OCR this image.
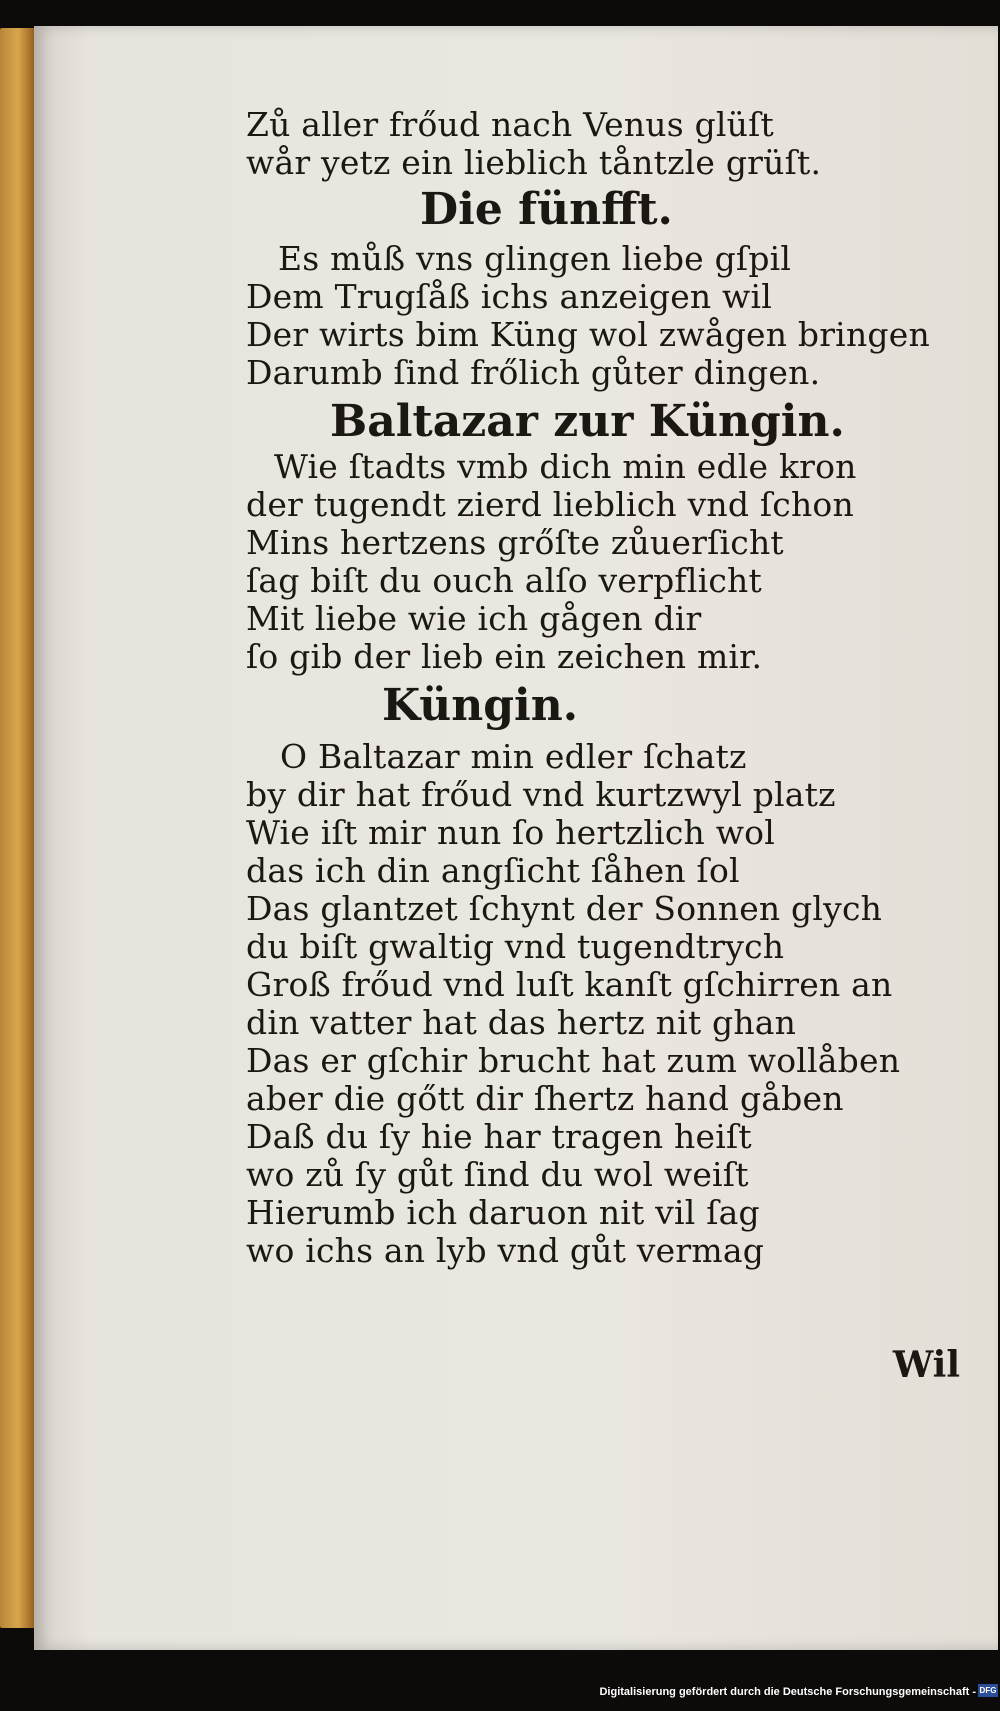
Zů aller frőud nach Venus glüſt
wår yetz ein lieblich tåntzle grüſt.
Die fünfft.
Es můß vns glingen liebe gſpil
Dem Trugſåß ichs anzeigen wil
Der wirts bim Küng wol zwågen bringen
Darumb ſind frőlich gůter dingen.
Baltazar zur Küngin.
Wie ſtadts vmb dich min edle kron
der tugendt zierd lieblich vnd ſchon
Mins hertzens grőſte zůuerſicht
ſag biſt du ouch alſo verpflicht
Mit liebe wie ich gågen dir
ſo gib der lieb ein zeichen mir.
Küngin.
O Baltazar min edler ſchatz
by dir hat frőud vnd kurtzwyl platz
Wie iſt mir nun ſo hertzlich wol
das ich din angſicht ſåhen ſol
Das glantzet ſchynt der Sonnen glych
du biſt gwaltig vnd tugendtrych
Groß frőud vnd luſt kanſt gſchirren an
din vatter hat das hertz nit ghan
Das er gſchir brucht hat zum wollåben
aber die gőtt dir ſhertz hand gåben
Daß du ſy hie har tragen heiſt
wo zů ſy gůt ſind du wol weiſt
Hierumb ich daruon nit vil ſag
wo ichs an lyb vnd gůt vermag
Wil
Digitalisierung gefördert durch die Deutsche Forschungsgemeinschaft - DFG
